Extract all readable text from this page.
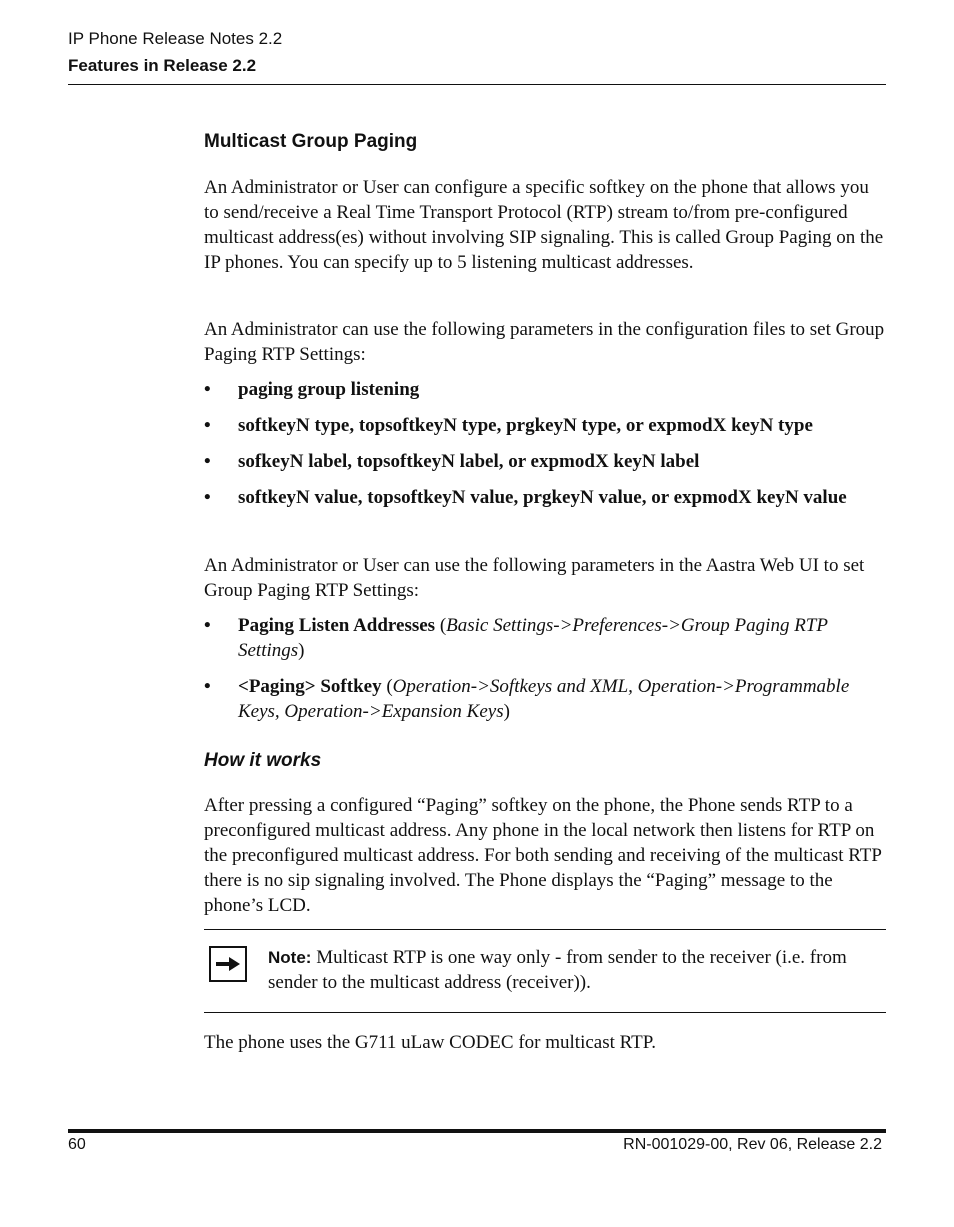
IP Phone Release Notes 2.2
Features in Release 2.2
Multicast Group Paging

An Administrator or User can configure a specific softkey on the phone that allows you to send/receive a Real Time Transport Protocol (RTP) stream to/from pre-configured multicast address(es) without involving SIP signaling. This is called Group Paging on the IP phones. You can specify up to 5 listening multicast addresses.

An Administrator can use the following parameters in the configuration files to set Group Paging RTP Settings:

• paging group listening
• softkeyN type, topsoftkeyN type, prgkeyN type, or expmodX keyN type
• sofkeyN label, topsoftkeyN label, or expmodX keyN label
• softkeyN value, topsoftkeyN value, prgkeyN value, or expmodX keyN value

An Administrator or User can use the following parameters in the Aastra Web UI to set Group Paging RTP Settings:

• Paging Listen Addresses (Basic Settings->Preferences->Group Paging RTP Settings)
• <Paging> Softkey (Operation->Softkeys and XML, Operation->Programmable Keys, Operation->Expansion Keys)
How it works

After pressing a configured “Paging” softkey on the phone, the Phone sends RTP to a preconfigured multicast address. Any phone in the local network then listens for RTP on the preconfigured multicast address. For both sending and receiving of the multicast RTP there is no sip signaling involved. The Phone displays the “Paging” message to the phone’s LCD.

Note: Multicast RTP is one way only - from sender to the receiver (i.e. from sender to the multicast address (receiver)).

The phone uses the G711 uLaw CODEC for multicast RTP.

60	RN-001029-00, Rev 06, Release 2.2
